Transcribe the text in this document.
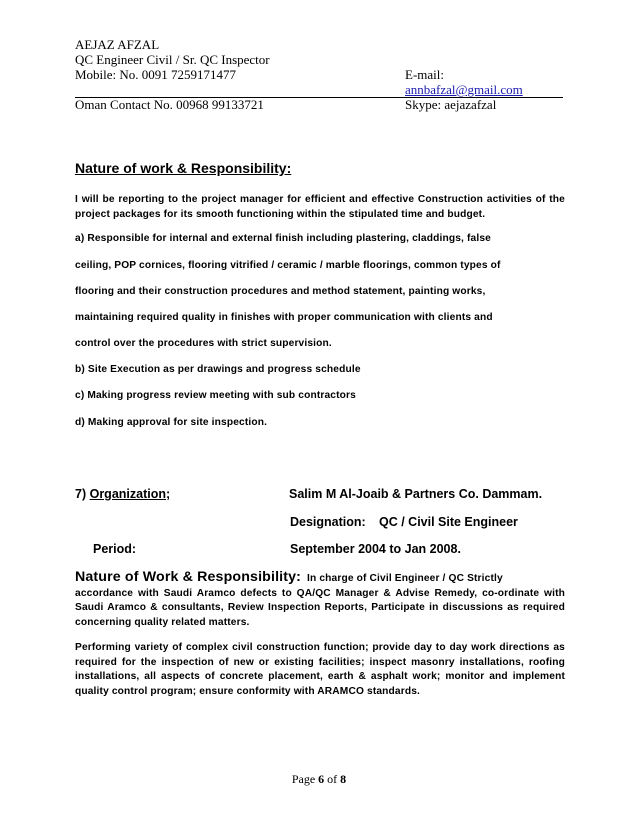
AEJAZ AFZAL
QC Engineer Civil / Sr. QC Inspector
Mobile: No. 0091 7259171477	E-mail: annbafzal@gmail.com
Oman Contact No. 00968 99133721	Skype: aejazafzal
Nature of work & Responsibility:
I will be reporting to the project manager for efficient and effective Construction activities of the project packages for its smooth functioning within the stipulated time and budget.
a) Responsible for internal and external finish including plastering, claddings, false
ceiling, POP cornices, flooring vitrified / ceramic / marble floorings, common types of
flooring and their construction procedures and method statement, painting works,
maintaining required quality in finishes with proper communication with clients and
control over the procedures with strict supervision.
b) Site Execution as per drawings and progress schedule
c) Making progress review meeting with sub contractors
d) Making approval for site inspection.
7) Organization;	Salim M Al-Joaib & Partners Co. Dammam.
Designation: QC / Civil Site Engineer
Period:	September 2004 to Jan 2008.
Nature of Work & Responsibility: In charge of Civil Engineer / QC Strictly
accordance with Saudi Aramco defects to QA/QC Manager & Advise Remedy, co-ordinate with Saudi Aramco & consultants, Review Inspection Reports, Participate in discussions as required concerning quality related matters.
Performing variety of complex civil construction function; provide day to day work directions as required for the inspection of new or existing facilities; inspect masonry installations, roofing installations, all aspects of concrete placement, earth & asphalt work; monitor and implement quality control program; ensure conformity with ARAMCO standards.
Page 6 of 8
